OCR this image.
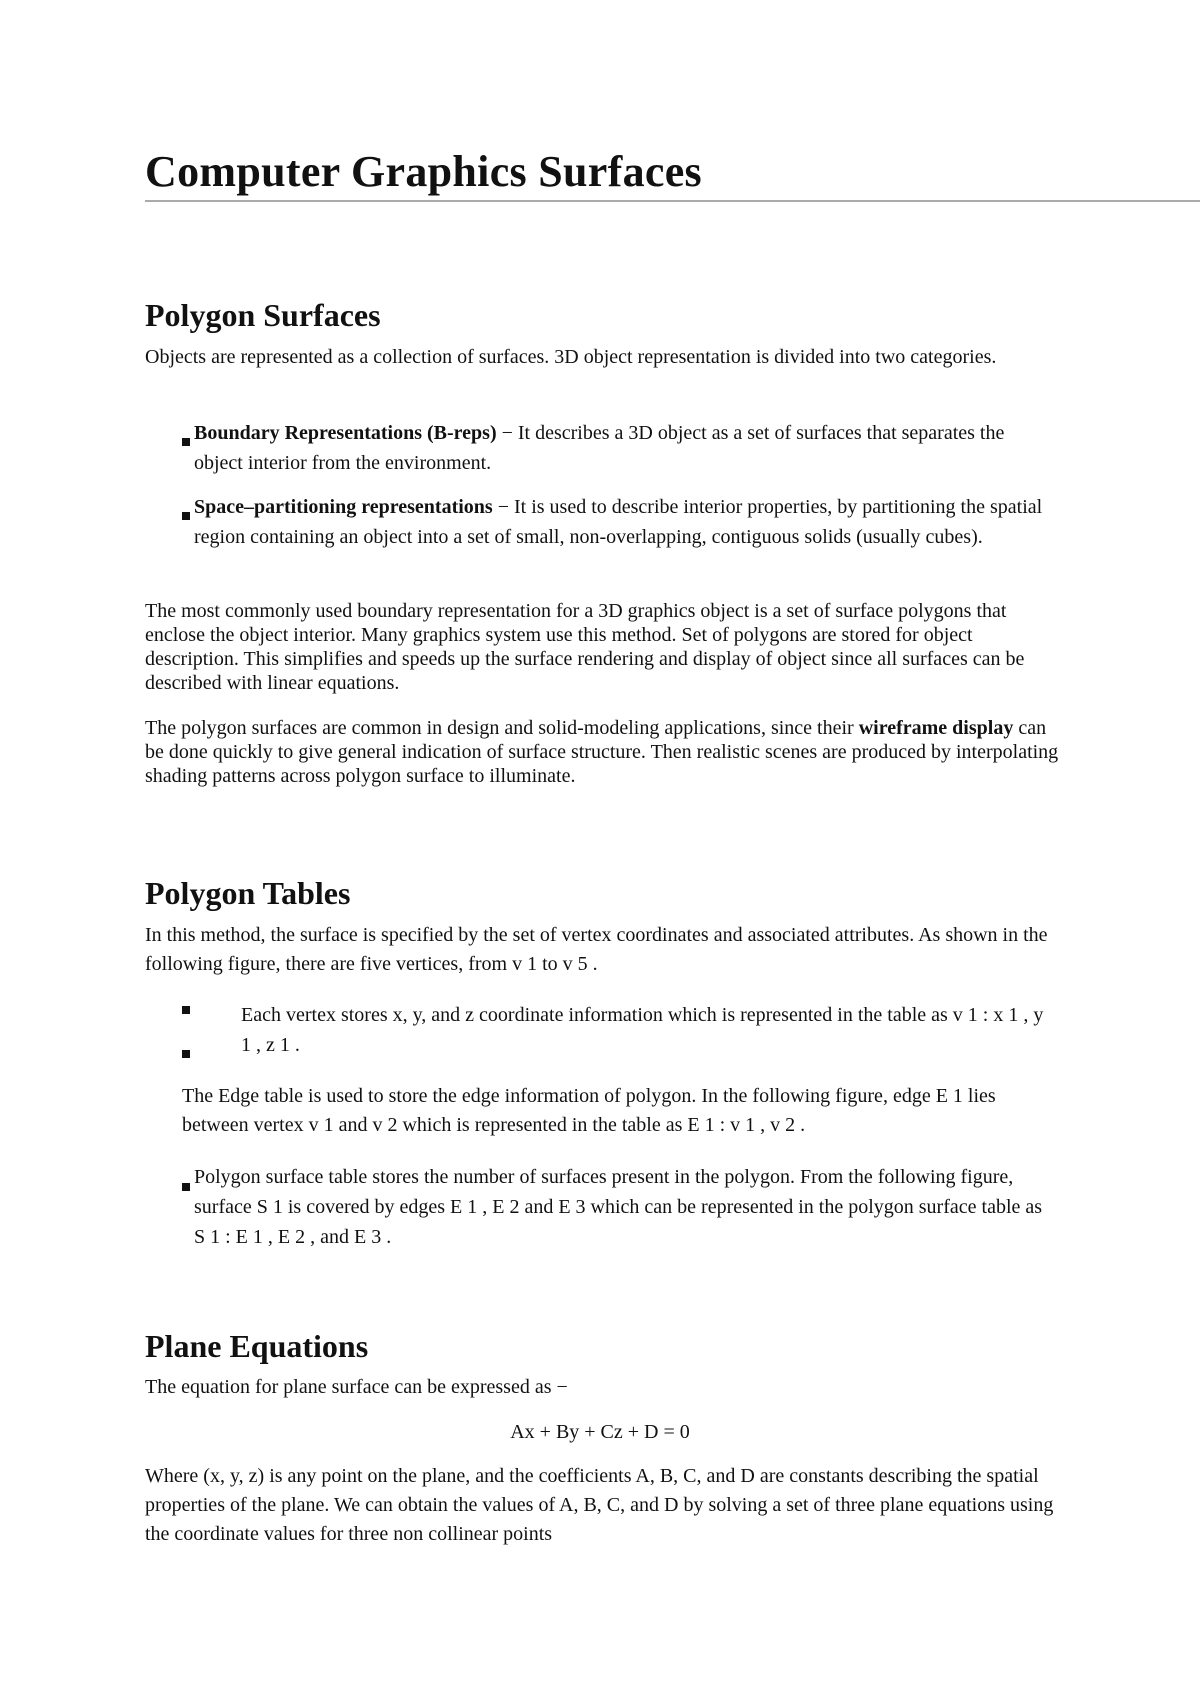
Computer Graphics Surfaces
Polygon Surfaces

Objects are represented as a collection of surfaces. 3D object representation is divided into two categories.

Boundary Representations (B-reps) − It describes a 3D object as a set of surfaces that separates the object interior from the environment.

Space–partitioning representations − It is used to describe interior properties, by partitioning the spatial region containing an object into a set of small, non-overlapping, contiguous solids (usually cubes).

The most commonly used boundary representation for a 3D graphics object is a set of surface polygons that enclose the object interior. Many graphics system use this method. Set of polygons are stored for object description. This simplifies and speeds up the surface rendering and display of object since all surfaces can be described with linear equations.

The polygon surfaces are common in design and solid-modeling applications, since their wireframe display can be done quickly to give general indication of surface structure. Then realistic scenes are produced by interpolating shading patterns across polygon surface to illuminate.

Polygon Tables

In this method, the surface is specified by the set of vertex coordinates and associated attributes. As shown in the following figure, there are five vertices, from v 1 to v 5 .

Each vertex stores x, y, and z coordinate information which is represented in the table as v 1 : x 1 , y 1 , z 1 .

The Edge table is used to store the edge information of polygon. In the following figure, edge E 1 lies between vertex v 1 and v 2 which is represented in the table as E 1 : v 1 , v 2 .

Polygon surface table stores the number of surfaces present in the polygon. From the following figure, surface S 1 is covered by edges E 1 , E 2 and E 3 which can be represented in the polygon surface table as S 1 : E 1 , E 2 , and E 3 .

Plane Equations

The equation for plane surface can be expressed as −

Ax + By + Cz + D = 0

Where (x, y, z) is any point on the plane, and the coefficients A, B, C, and D are constants describing the spatial properties of the plane. We can obtain the values of A, B, C, and D by solving a set of three plane equations using the coordinate values for three non collinear points
